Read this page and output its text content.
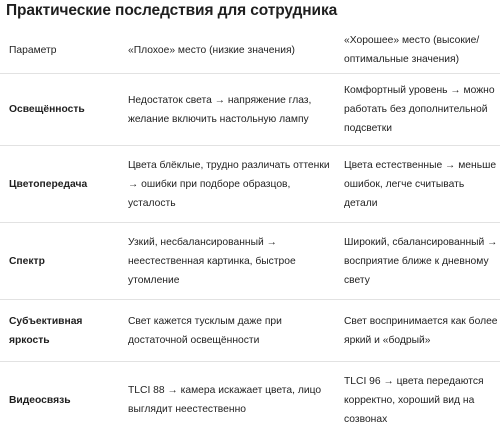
Практические последствия для сотрудника
Параметр	«Плохое» место (низкие значения)	«Хорошее» место (высокие/оптимальные значения)
Освещённость	Недостаток света → напряжение глаз, желание включить настольную лампу	Комфортный уровень → можно работать без дополнительной подсветки
Цветопередача	Цвета блёклые, трудно различать оттенки → ошибки при подборе образцов, усталость	Цвета естественные → меньше ошибок, легче считывать детали
Спектр	Узкий, несбалансированный → неестественная картинка, быстрое утомление	Широкий, сбалансированный → восприятие ближе к дневному свету
Субъективная яркость	Свет кажется тусклым даже при достаточной освещённости	Свет воспринимается как более яркий и «бодрый»
Видеосвязь	TLCI 88 → камера искажает цвета, лицо выглядит неестественно	TLCI 96 → цвета передаются корректно, хороший вид на созвонах
